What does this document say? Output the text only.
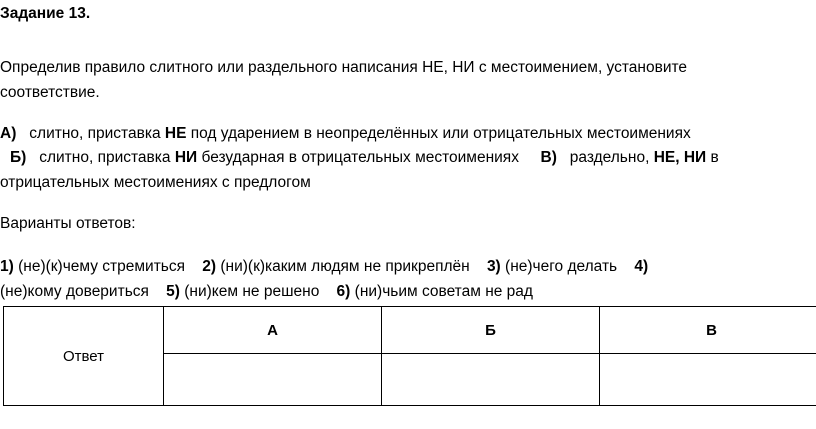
Задание 13.
Определив правило слитного или раздельного написания НЕ, НИ с местоимением, установите
соответствие.
А) слитно, приставка НЕ под ударением в неопределённых или отрицательных местоимениях
Б) слитно, приставка НИ безударная в отрицательных местоимениях В) раздельно, НЕ, НИ в
отрицательных местоимениях с предлогом
Варианты ответов:
1) (не)(к)чему стремиться 2) (ни)(к)каким людям не прикреплён 3) (не)чего делать 4)
(не)кому довериться 5) (ни)кем не решено 6) (ни)чьим советам не рад
Ответ	А	Б	В
